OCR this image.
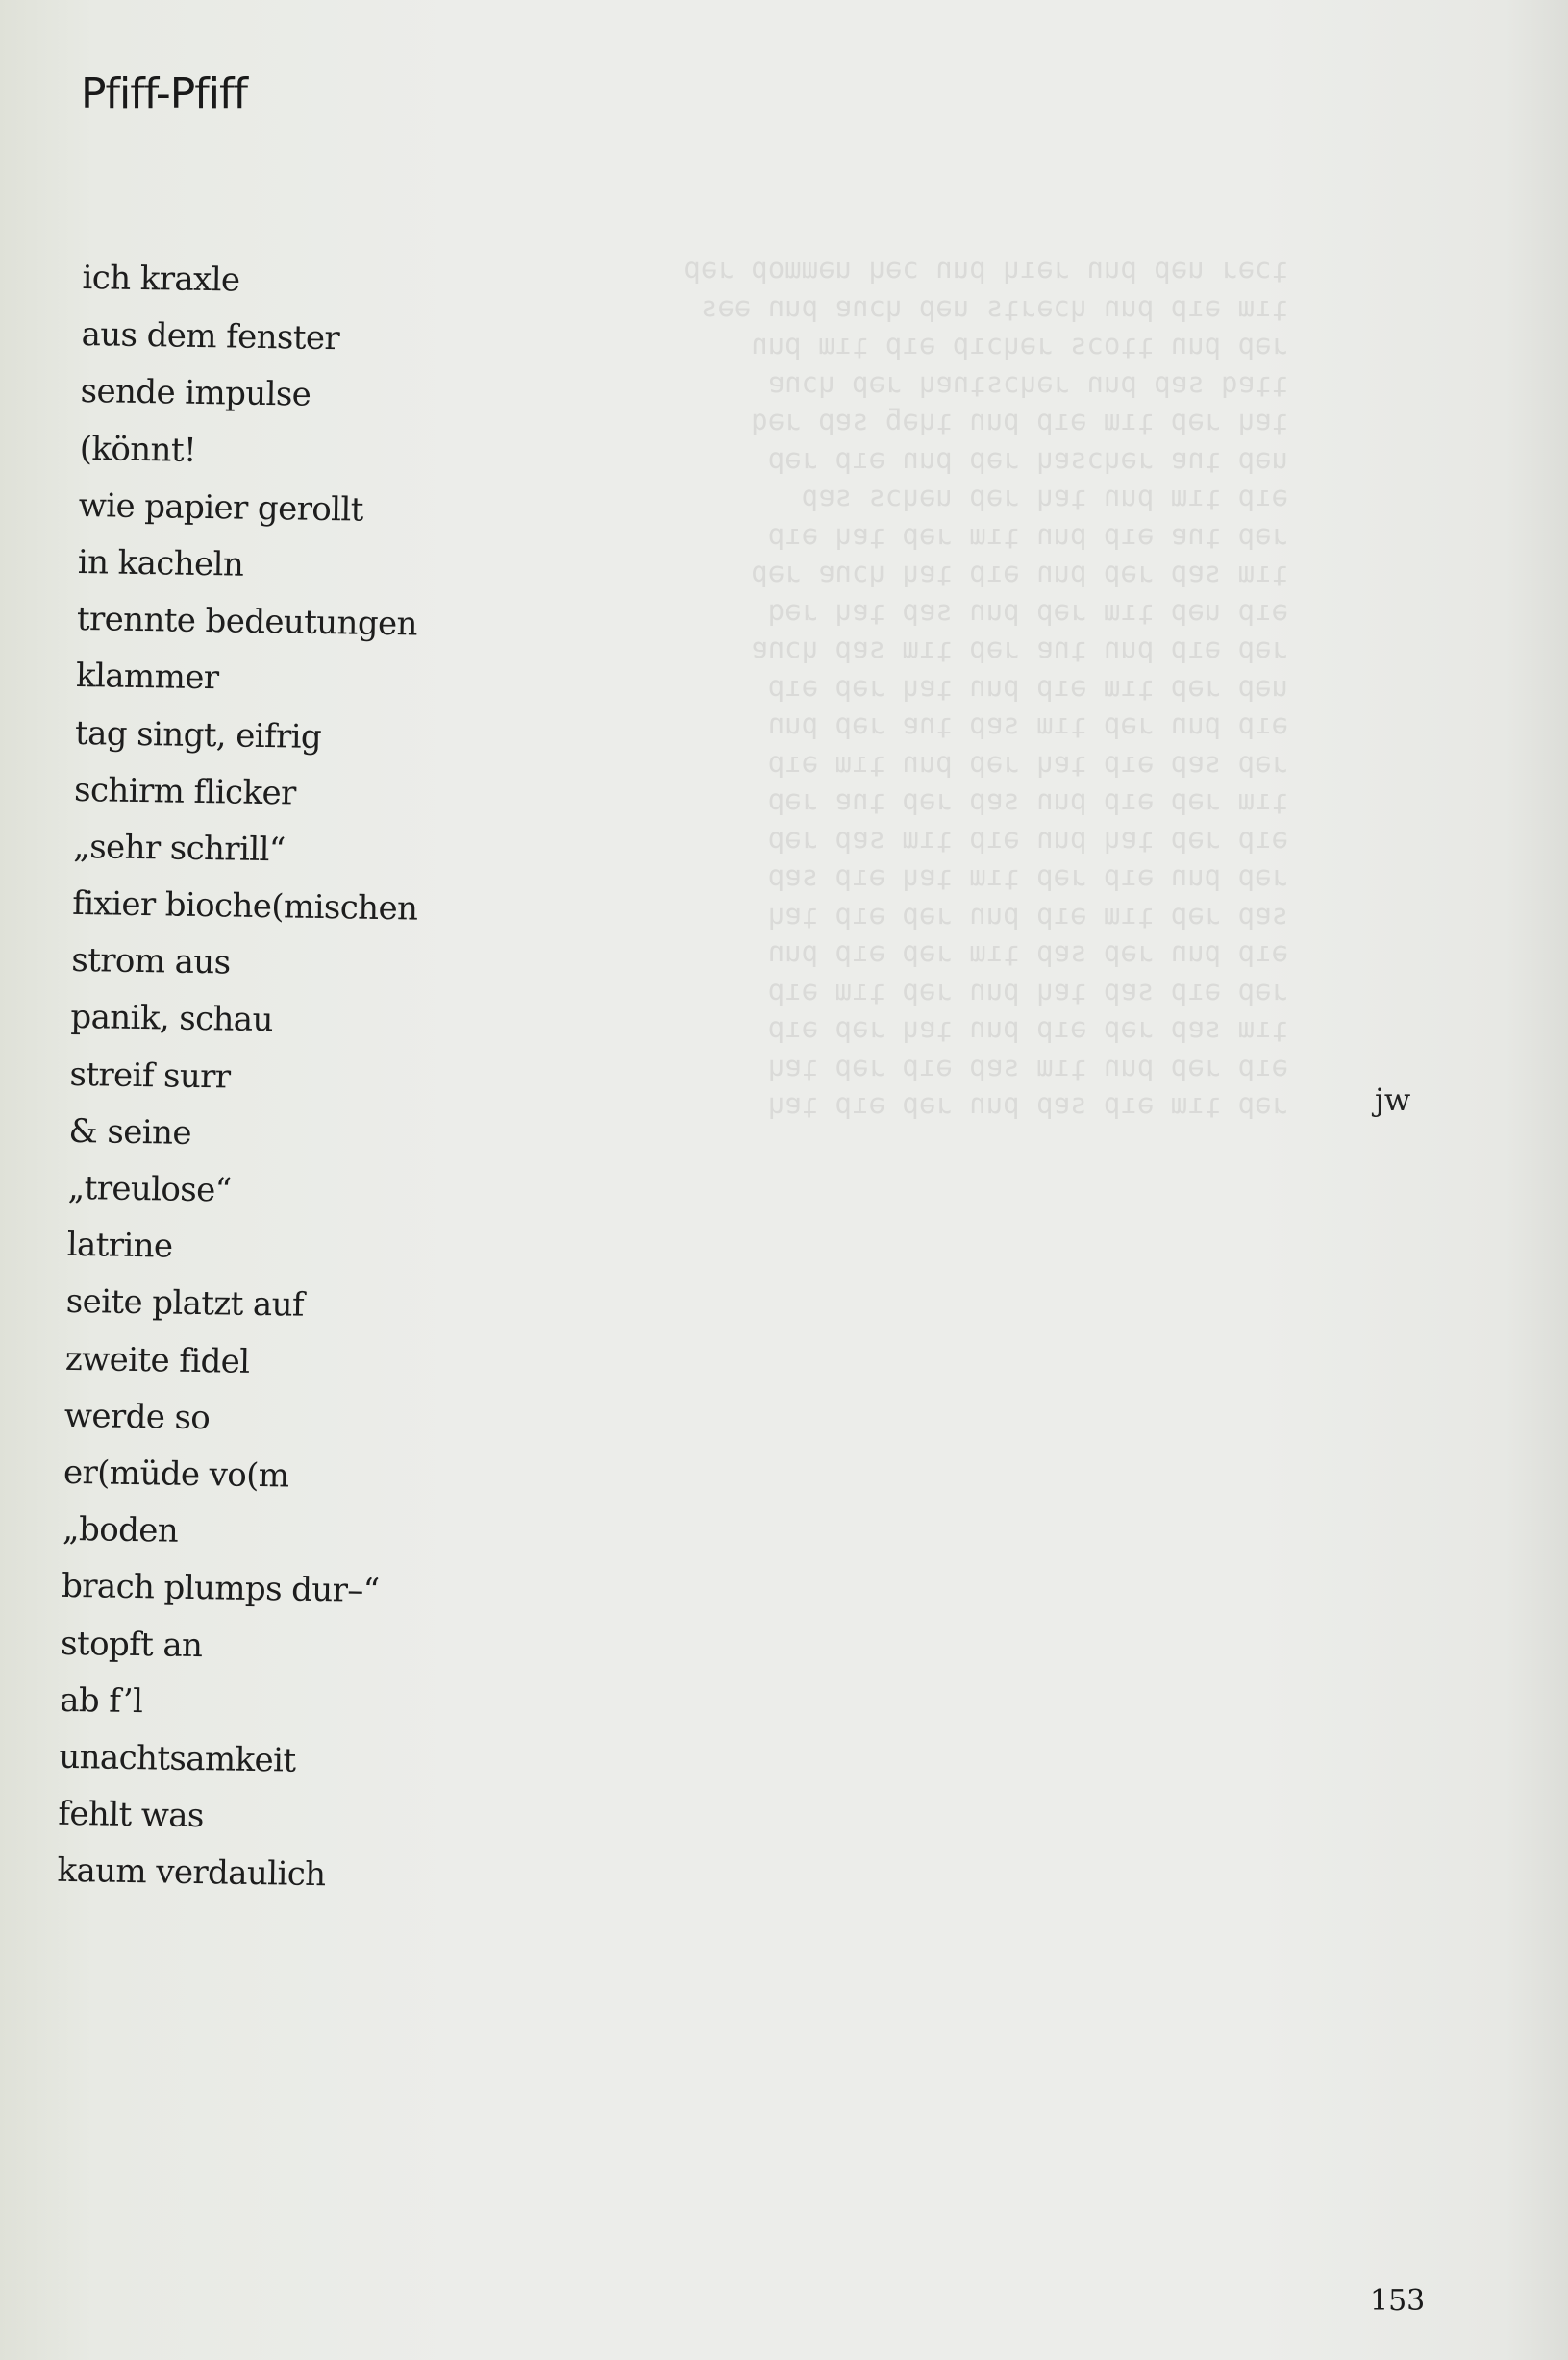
ʇɔǝɹ uǝp pun ɹǝıɥ pun ɔǝɥ uǝɯɯop ɹəp
ʇıɯ ǝıp pun ɥɔǝɹʇs uǝp ɥɔnɐ pun ǝǝs
ɹǝp pun ʇʇoɔs ɹǝɥɔıp ǝıp ʇıɯ pun
ʇʇɐq sɐp pun ɹǝɥɔsʇnɐɥ ɹǝp ɥɔnɐ
ʇɐɥ ɹǝp ʇıɯ ǝıp pun ʇɥǝƃ sɐp ɹǝq
uǝp ʇnɐ ɹǝɥɔsɐɥ ɹǝp pun ǝıp ɹǝp
ǝıp ʇıɯ pun ʇɐɥ ɹǝp uǝɥɔs sɐp
ɹǝp ʇnɐ ǝıp pun ʇıɯ ɹǝp ʇɐɥ ǝıp
ʇıɯ sɐp ɹǝp pun ǝıp ʇɐɥ ɥɔnɐ ɹǝp
ǝıp uǝp ʇıɯ ɹǝp pun sɐp ʇɐɥ ɹǝq
ɹǝp ǝıp pun ʇnɐ ɹǝp ʇıɯ sɐp ɥɔnɐ
uǝp ɹǝp ʇıɯ ǝıp pun ʇɐɥ ɹǝp ǝıp
ǝıp pun ɹǝp ʇıɯ sɐp ʇnɐ ɹǝp pun
ɹǝp sɐp ǝıp ʇɐɥ ɹǝp pun ʇıɯ ǝıp
ʇıɯ ɹǝp ǝıp pun sɐp ɹǝp ʇnɐ ɹǝp
ǝıp ɹǝp ʇɐɥ pun ǝıp ʇıɯ sɐp ɹǝp
ɹǝp pun ǝıp ɹǝp ʇıɯ ʇɐɥ ǝıp sɐp
sɐp ɹǝp ʇıɯ ǝıp pun ɹǝp ǝıp ʇɐɥ
ǝıp pun ɹǝp sɐp ʇıɯ ɹǝp ǝıp pun
ɹǝp ǝıp sɐp ʇɐɥ pun ɹǝp ʇıɯ ǝıp
ʇıɯ sɐp ɹǝp ǝıp pun ʇɐɥ ɹǝp ǝıp
ǝıp ɹǝp pun ʇıɯ sɐp ǝıp ɹǝp ʇɐɥ
ɹǝp ʇıɯ ǝıp sɐp pun ɹǝp ǝıp ʇɐɥ
Pfiff-Pfiff
ich kraxle
aus dem fenster
sende impulse
(könnt!
wie papier gerollt
in kacheln
trennte bedeutungen
klammer
tag singt, eifrig
schirm flicker
„sehr schrill“
fixier bioche(mischen
strom aus
panik, schau
streif surr
& seine
„treulose“
latrine
seite platzt auf
zweite fidel
werde so
er(müde vo(m
„boden
brach plumps dur–“
stopft an
ab f’l
unachtsamkeit
fehlt was
kaum verdaulich
jw
153
